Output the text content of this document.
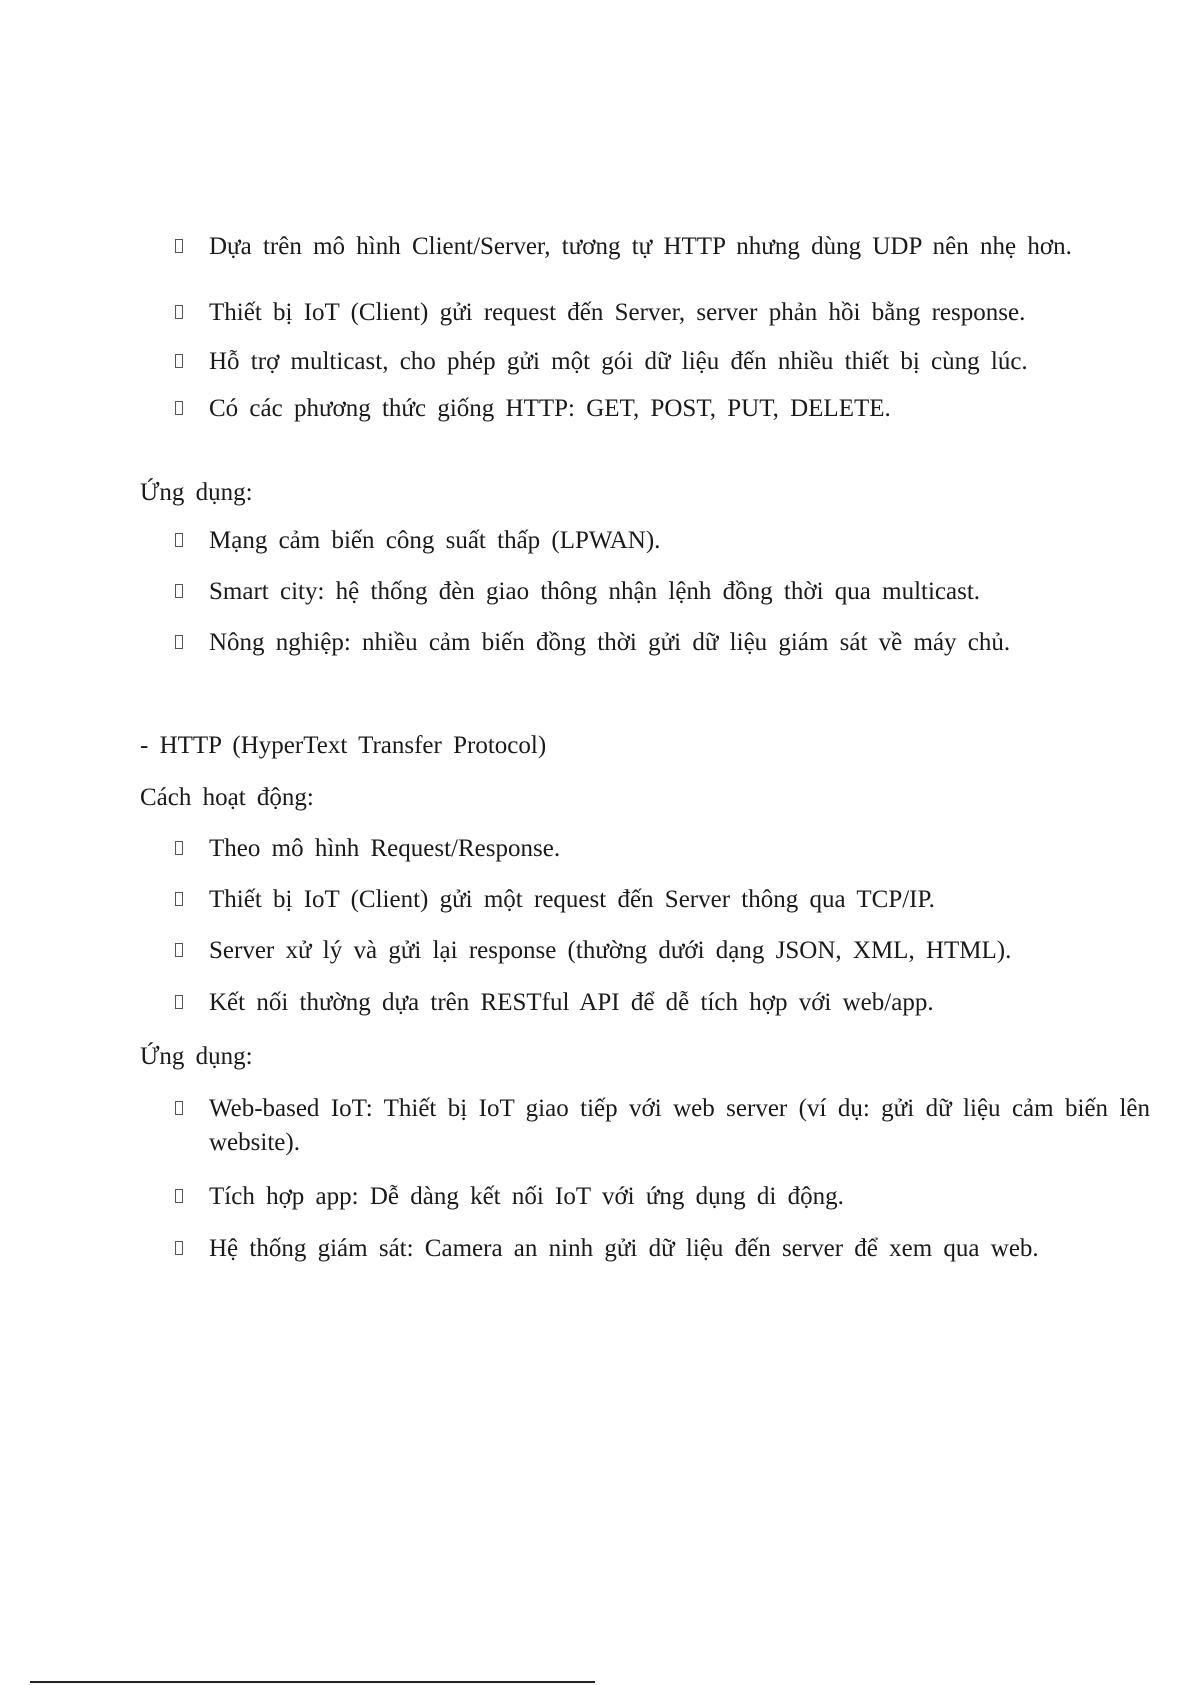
Dựa trên mô hình Client/Server, tương tự HTTP nhưng dùng UDP nên nhẹ hơn.
Thiết bị IoT (Client) gửi request đến Server, server phản hồi bằng response.
Hỗ trợ multicast, cho phép gửi một gói dữ liệu đến nhiều thiết bị cùng lúc.
Có các phương thức giống HTTP: GET, POST, PUT, DELETE.
Ứng dụng:
Mạng cảm biến công suất thấp (LPWAN).
Smart city: hệ thống đèn giao thông nhận lệnh đồng thời qua multicast.
Nông nghiệp: nhiều cảm biến đồng thời gửi dữ liệu giám sát về máy chủ.
- HTTP (HyperText Transfer Protocol)
Cách hoạt động:
Theo mô hình Request/Response.
Thiết bị IoT (Client) gửi một request đến Server thông qua TCP/IP.
Server xử lý và gửi lại response (thường dưới dạng JSON, XML, HTML).
Kết nối thường dựa trên RESTful API để dễ tích hợp với web/app.
Ứng dụng:
Web-based IoT: Thiết bị IoT giao tiếp với web server (ví dụ: gửi dữ liệu cảm biến lên website).
Tích hợp app: Dễ dàng kết nối IoT với ứng dụng di động.
Hệ thống giám sát: Camera an ninh gửi dữ liệu đến server để xem qua web.
